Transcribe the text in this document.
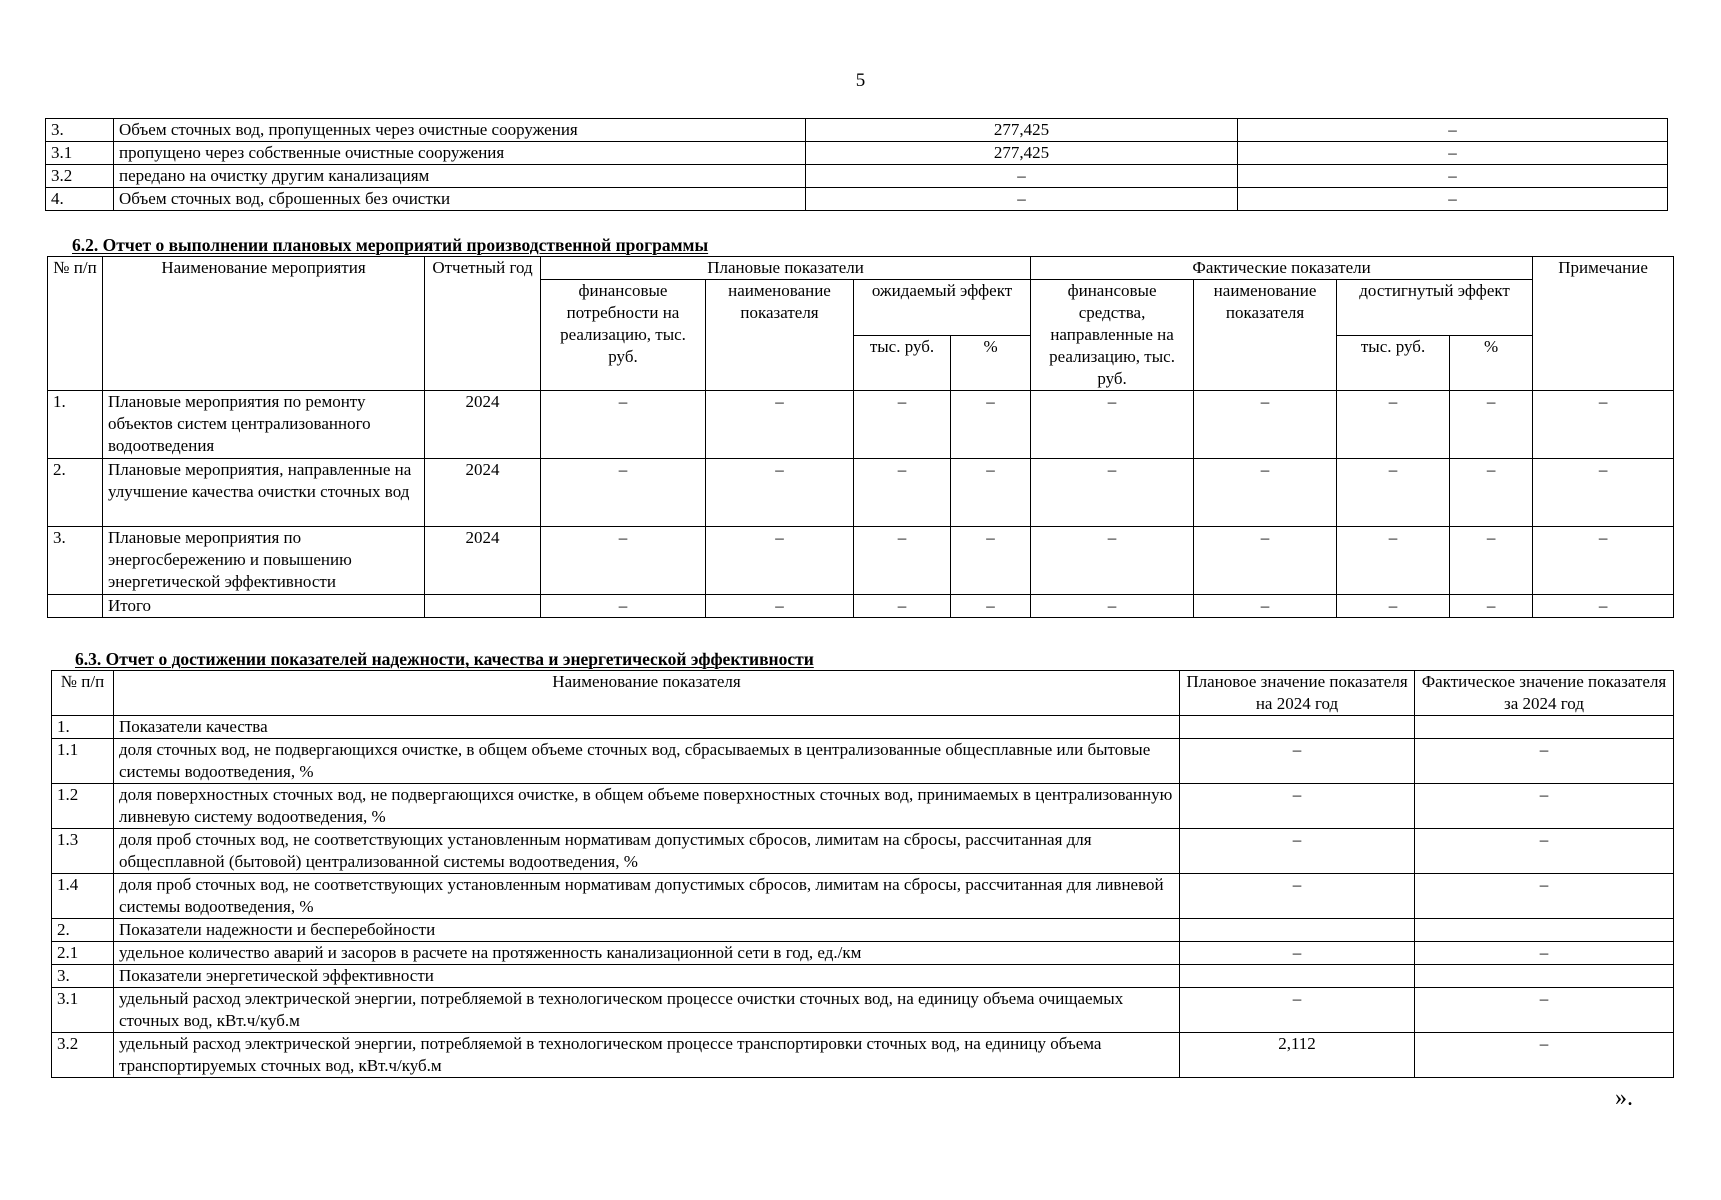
5
3.	Объем сточных вод, пропущенных через очистные сооружения	277,425	–
3.1	пропущено через собственные очистные сооружения	277,425	–
3.2	передано на очистку другим канализациям	–	–
4.	Объем сточных вод, сброшенных без очистки	–	–
6.2. Отчет о выполнении плановых мероприятий производственной программы
№ п/п	Наименование мероприятия	Отчетный год	Плановые показатели				Фактические показатели				Примечание
			финансовые потребности на реализацию, тыс. руб.	наименование показателя	ожидаемый эффект		финансовые средства, направленные на реализацию, тыс. руб.	наименование показателя	достигнутый эффект		
					тыс. руб.	%			тыс. руб.	%	
1.	Плановые мероприятия по ремонту объектов систем централизованного водоотведения	2024	–	–	–	–	–	–	–	–	–
2.	Плановые мероприятия, направленные на улучшение качества очистки сточных вод	2024	–	–	–	–	–	–	–	–	–
3.	Плановые мероприятия по энергосбережению и повышению энергетической эффективности	2024	–	–	–	–	–	–	–	–	–
	Итого		–	–	–	–	–	–	–	–	–
6.3. Отчет о достижении показателей надежности, качества и энергетической эффективности
№ п/п	Наименование показателя	Плановое значение показателя на 2024 год	Фактическое значение показателя за 2024 год
1.	Показатели качества		
1.1	доля сточных вод, не подвергающихся очистке, в общем объеме сточных вод, сбрасываемых в централизованные общесплавные или бытовые системы водоотведения, %	–	–
1.2	доля поверхностных сточных вод, не подвергающихся очистке, в общем объеме поверхностных сточных вод, принимаемых в централизованную ливневую систему водоотведения, %	–	–
1.3	доля проб сточных вод, не соответствующих установленным нормативам допустимых сбросов, лимитам на сбросы, рассчитанная для общесплавной (бытовой) централизованной системы водоотведения, %	–	–
1.4	доля проб сточных вод, не соответствующих установленным нормативам допустимых сбросов, лимитам на сбросы, рассчитанная для ливневой системы водоотведения, %	–	–
2.	Показатели надежности и бесперебойности		
2.1	удельное количество аварий и засоров в расчете на протяженность канализационной сети в год, ед./км	–	–
3.	Показатели энергетической эффективности		
3.1	удельный расход электрической энергии, потребляемой в технологическом процессе очистки сточных вод, на единицу объема очищаемых сточных вод, кВт.ч/куб.м	–	–
3.2	удельный расход электрической энергии, потребляемой в технологическом процессе транспортировки сточных вод, на единицу объема транспортируемых сточных вод, кВт.ч/куб.м	2,112	–
».
